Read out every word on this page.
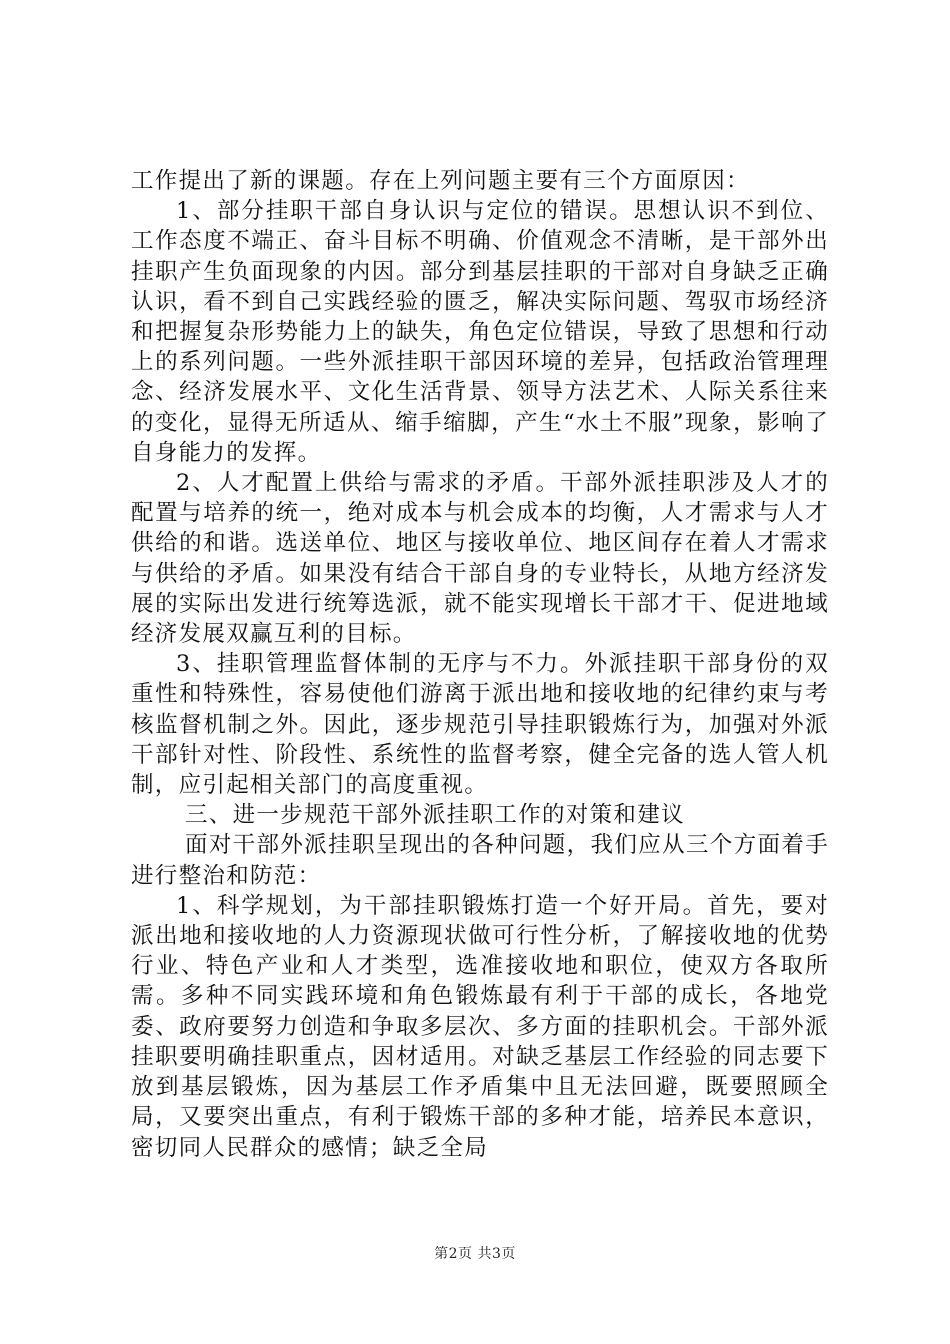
工作提出了新的课题。存在上列问题主要有三个方面原因：

1、部分挂职干部自身认识与定位的错误。思想认识不到位、工作态度不端正、奋斗目标不明确、价值观念不清晰，是干部外出挂职产生负面现象的内因。部分到基层挂职的干部对自身缺乏正确认识，看不到自己实践经验的匮乏，解决实际问题、驾驭市场经济和把握复杂形势能力上的缺失，角色定位错误，导致了思想和行动上的系列问题。一些外派挂职干部因环境的差异，包括政治管理理念、经济发展水平、文化生活背景、领导方法艺术、人际关系往来的变化，显得无所适从、缩手缩脚，产生“水土不服”现象，影响了自身能力的发挥。

2、人才配置上供给与需求的矛盾。干部外派挂职涉及人才的配置与培养的统一，绝对成本与机会成本的均衡，人才需求与人才供给的和谐。选送单位、地区与接收单位、地区间存在着人才需求与供给的矛盾。如果没有结合干部自身的专业特长，从地方经济发展的实际出发进行统筹选派，就不能实现增长干部才干、促进地域经济发展双赢互利的目标。

3、挂职管理监督体制的无序与不力。外派挂职干部身份的双重性和特殊性，容易使他们游离于派出地和接收地的纪律约束与考核监督机制之外。因此，逐步规范引导挂职锻炼行为，加强对外派干部针对性、阶段性、系统性的监督考察，健全完备的选人管人机制，应引起相关部门的高度重视。

三、进一步规范干部外派挂职工作的对策和建议

面对干部外派挂职呈现出的各种问题，我们应从三个方面着手进行整治和防范：

1、科学规划，为干部挂职锻炼打造一个好开局。首先，要对派出地和接收地的人力资源现状做可行性分析，了解接收地的优势行业、特色产业和人才类型，选准接收地和职位，使双方各取所需。多种不同实践环境和角色锻炼最有利于干部的成长，各地党委、政府要努力创造和争取多层次、多方面的挂职机会。干部外派挂职要明确挂职重点，因材适用。对缺乏基层工作经验的同志要下放到基层锻炼，因为基层工作矛盾集中且无法回避，既要照顾全局，又要突出重点，有利于锻炼干部的多种才能，培养民本意识，密切同人民群众的感情；缺乏全局

第2页 共3页
